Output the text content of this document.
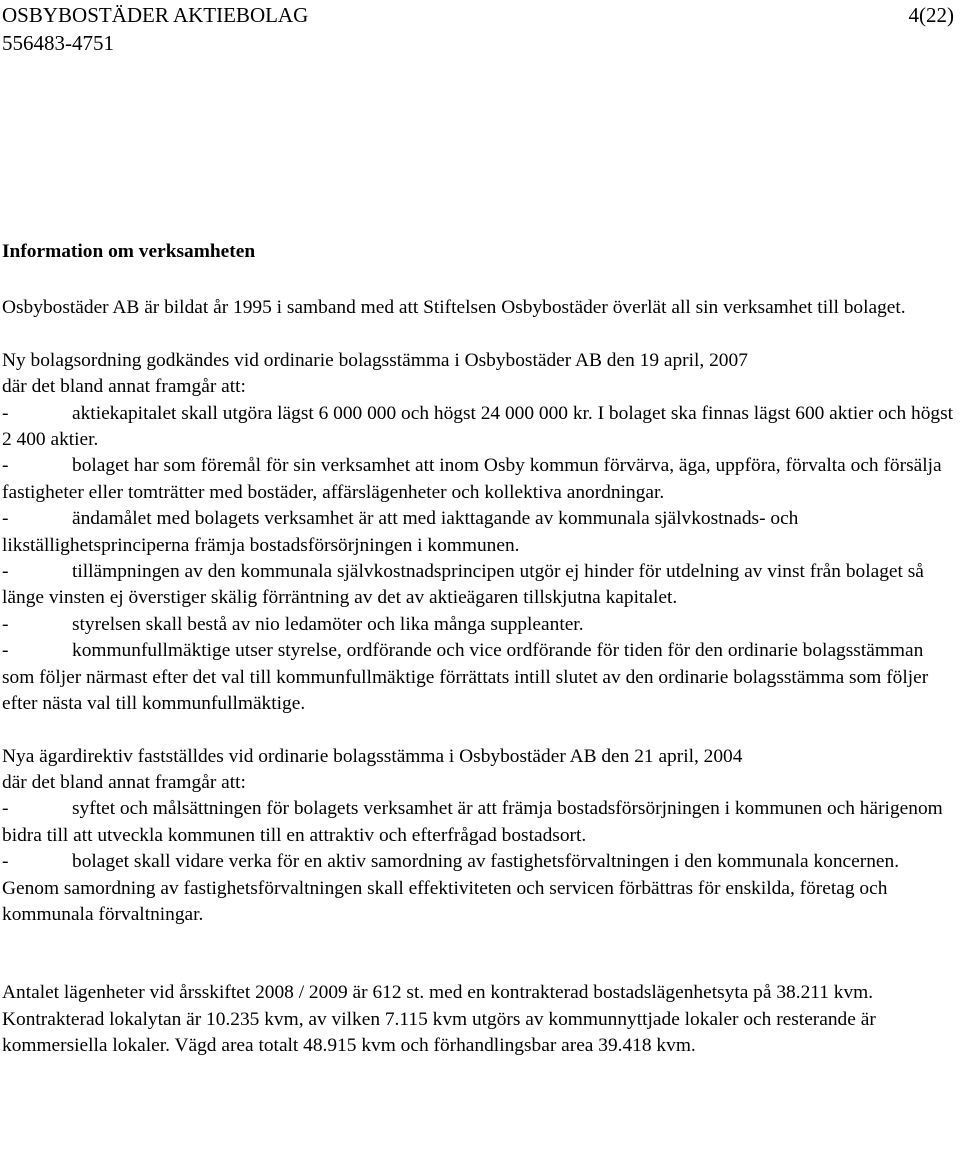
OSBYBOSTÄDER AKTIEBOLAG	4(22)
556483-4751

Information om verksamheten

Osbybostäder AB är bildat år 1995 i samband med att Stiftelsen Osbybostäder överlät all sin verksamhet till bolaget.

Ny bolagsordning godkändes vid ordinarie bolagsstämma i Osbybostäder AB den 19 april, 2007

där det bland annat framgår att:

-	aktiekapitalet skall utgöra lägst 6 000 000 och högst 24 000 000 kr. I bolaget ska finnas lägst 600 aktier och högst 2 400 aktier.

-	bolaget har som föremål för sin verksamhet att inom Osby kommun förvärva, äga, uppföra, förvalta och försälja fastigheter eller tomträtter med bostäder, affärslägenheter och kollektiva anordningar.

-	ändamålet med bolagets verksamhet är att med iakttagande av kommunala självkostnads- och likställighetsprinciperna främja bostadsförsörjningen i kommunen.

-	tillämpningen av den kommunala självkostnadsprincipen utgör ej hinder för utdelning av vinst från bolaget så länge vinsten ej överstiger skälig förräntning av det av aktieägaren tillskjutna kapitalet.

-	styrelsen skall bestå av nio ledamöter och lika många suppleanter.

-	kommunfullmäktige utser styrelse, ordförande och vice ordförande för tiden för den ordinarie bolagsstämman som följer närmast efter det val till kommunfullmäktige förrättats intill slutet av den ordinarie bolagsstämma som följer efter nästa val till kommunfullmäktige.

Nya ägardirektiv fastställdes vid ordinarie bolagsstämma i Osbybostäder AB den 21 april, 2004

där det bland annat framgår att:

-	syftet och målsättningen för bolagets verksamhet är att främja bostadsförsörjningen i kommunen och härigenom bidra till att utveckla kommunen till en attraktiv och efterfrågad bostadsort.

-	bolaget skall vidare verka för en aktiv samordning av fastighetsförvaltningen i den kommunala koncernen. Genom samordning av fastighetsförvaltningen skall effektiviteten och servicen förbättras för enskilda, företag och kommunala förvaltningar.

Antalet lägenheter vid årsskiftet 2008 / 2009 är 612 st. med en kontrakterad bostadslägenhetsyta på 38.211 kvm. Kontrakterad lokalytan är 10.235 kvm, av vilken 7.115 kvm utgörs av kommunnyttjade lokaler och resterande är kommersiella lokaler. Vägd area totalt 48.915 kvm och förhandlingsbar area 39.418 kvm.
